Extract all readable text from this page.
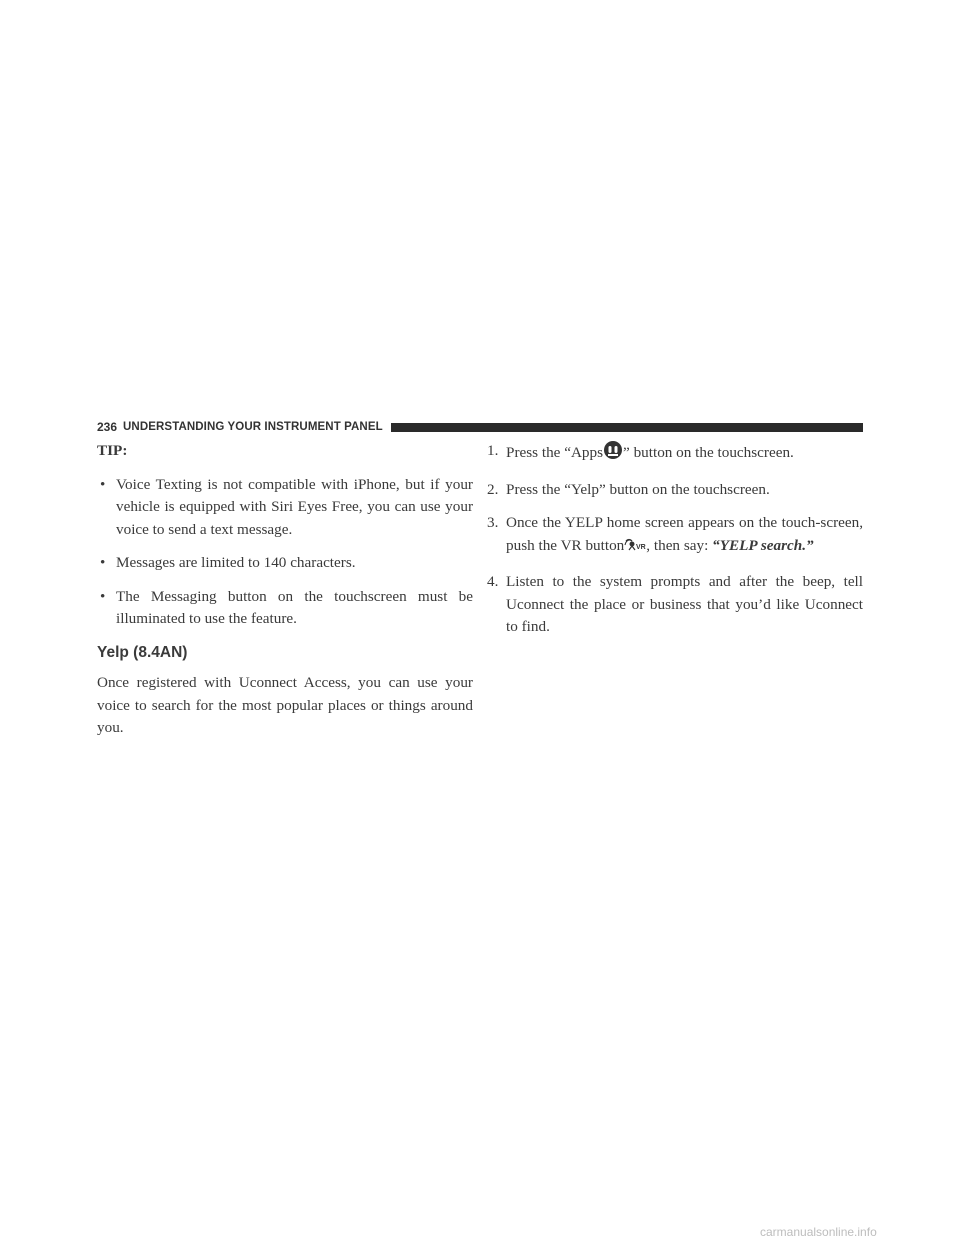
236 UNDERSTANDING YOUR INSTRUMENT PANEL

TIP:

• Voice Texting is not compatible with iPhone, but if your vehicle is equipped with Siri Eyes Free, you can use your voice to send a text message.
• Messages are limited to 140 characters.
• The Messaging button on the touchscreen must be illuminated to use the feature.
Yelp (8.4AN)

Once registered with Uconnect Access, you can use your voice to search for the most popular places or things around you.

1. Press the “Apps ” button on the touchscreen.
2. Press the “Yelp” button on the touchscreen.
3. Once the YELP home screen appears on the touch-screen, push the VR button VR , then say: “YELP search.”
4. Listen to the system prompts and after the beep, tell Uconnect the place or business that you’d like Uconnect to find.
carmanualsonline.info
